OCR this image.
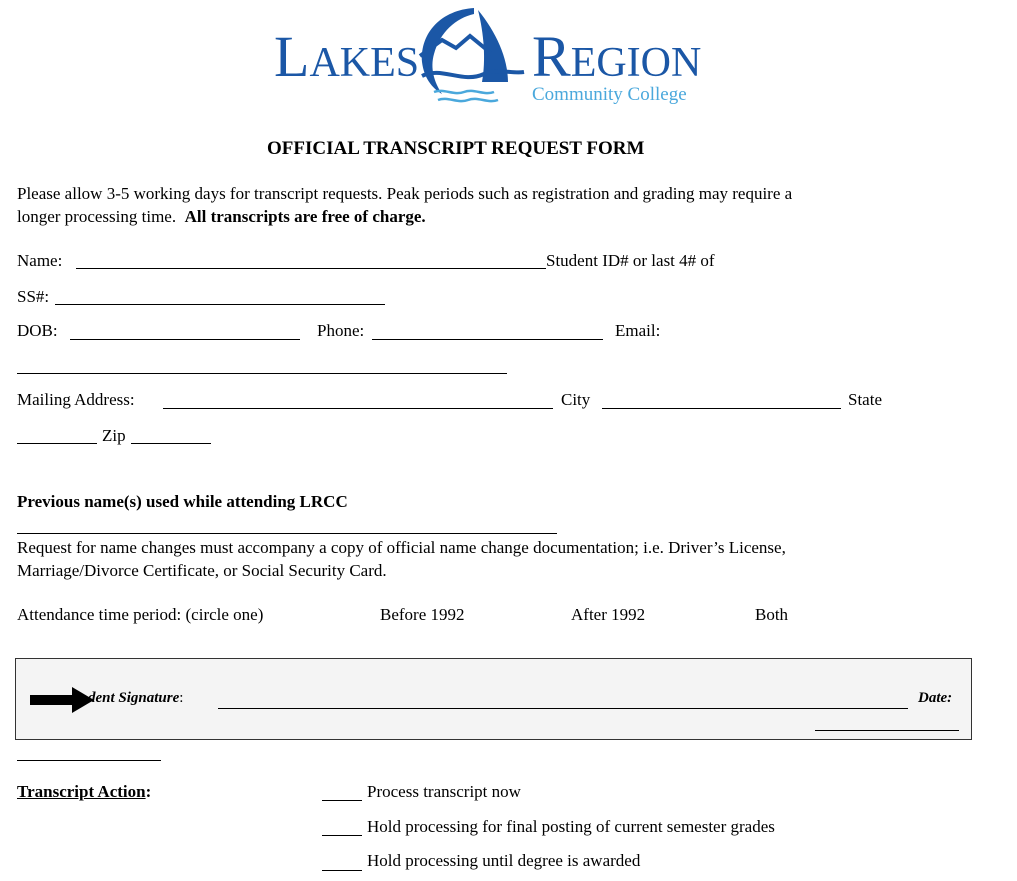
LAKES REGION
Community College
OFFICIAL TRANSCRIPT REQUEST FORM
Please allow 3-5 working days for transcript requests. Peak periods such as registration and grading may require a
longer processing time. All transcripts are free of charge.
Name:	Student ID# or last 4# of
SS#:
DOB:	Phone:	Email:
Mailing Address:	City	State
Zip
Previous name(s) used while attending LRCC
Request for name changes must accompany a copy of official name change documentation; i.e. Driver’s License,
Marriage/Divorce Certificate, or Social Security Card.
Attendance time period: (circle one)	Before 1992	After 1992	Both
dent Signature:	Date:
Transcript Action:	Process transcript now
Hold processing for final posting of current semester grades
Hold processing until degree is awarded
